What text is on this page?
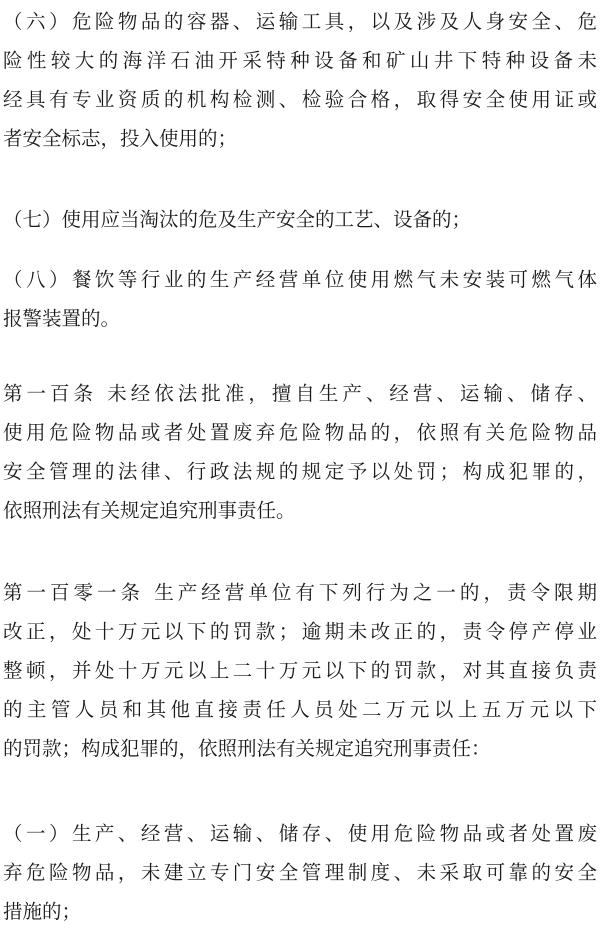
（六）危险物品的容器、运输工具，以及涉及人身安全、危
险性较大的海洋石油开采特种设备和矿山井下特种设备未
经具有专业资质的机构检测、检验合格，取得安全使用证或
者安全标志，投入使用的；
（七）使用应当淘汰的危及生产安全的工艺、设备的；
（八）餐饮等行业的生产经营单位使用燃气未安装可燃气体
报警装置的。
第一百条 未经依法批准，擅自生产、经营、运输、储存、
使用危险物品或者处置废弃危险物品的，依照有关危险物品
安全管理的法律、行政法规的规定予以处罚；构成犯罪的，
依照刑法有关规定追究刑事责任。
第一百零一条 生产经营单位有下列行为之一的，责令限期
改正，处十万元以下的罚款；逾期未改正的，责令停产停业
整顿，并处十万元以上二十万元以下的罚款，对其直接负责
的主管人员和其他直接责任人员处二万元以上五万元以下
的罚款；构成犯罪的，依照刑法有关规定追究刑事责任：
（一）生产、经营、运输、储存、使用危险物品或者处置废
弃危险物品，未建立专门安全管理制度、未采取可靠的安全
措施的；
